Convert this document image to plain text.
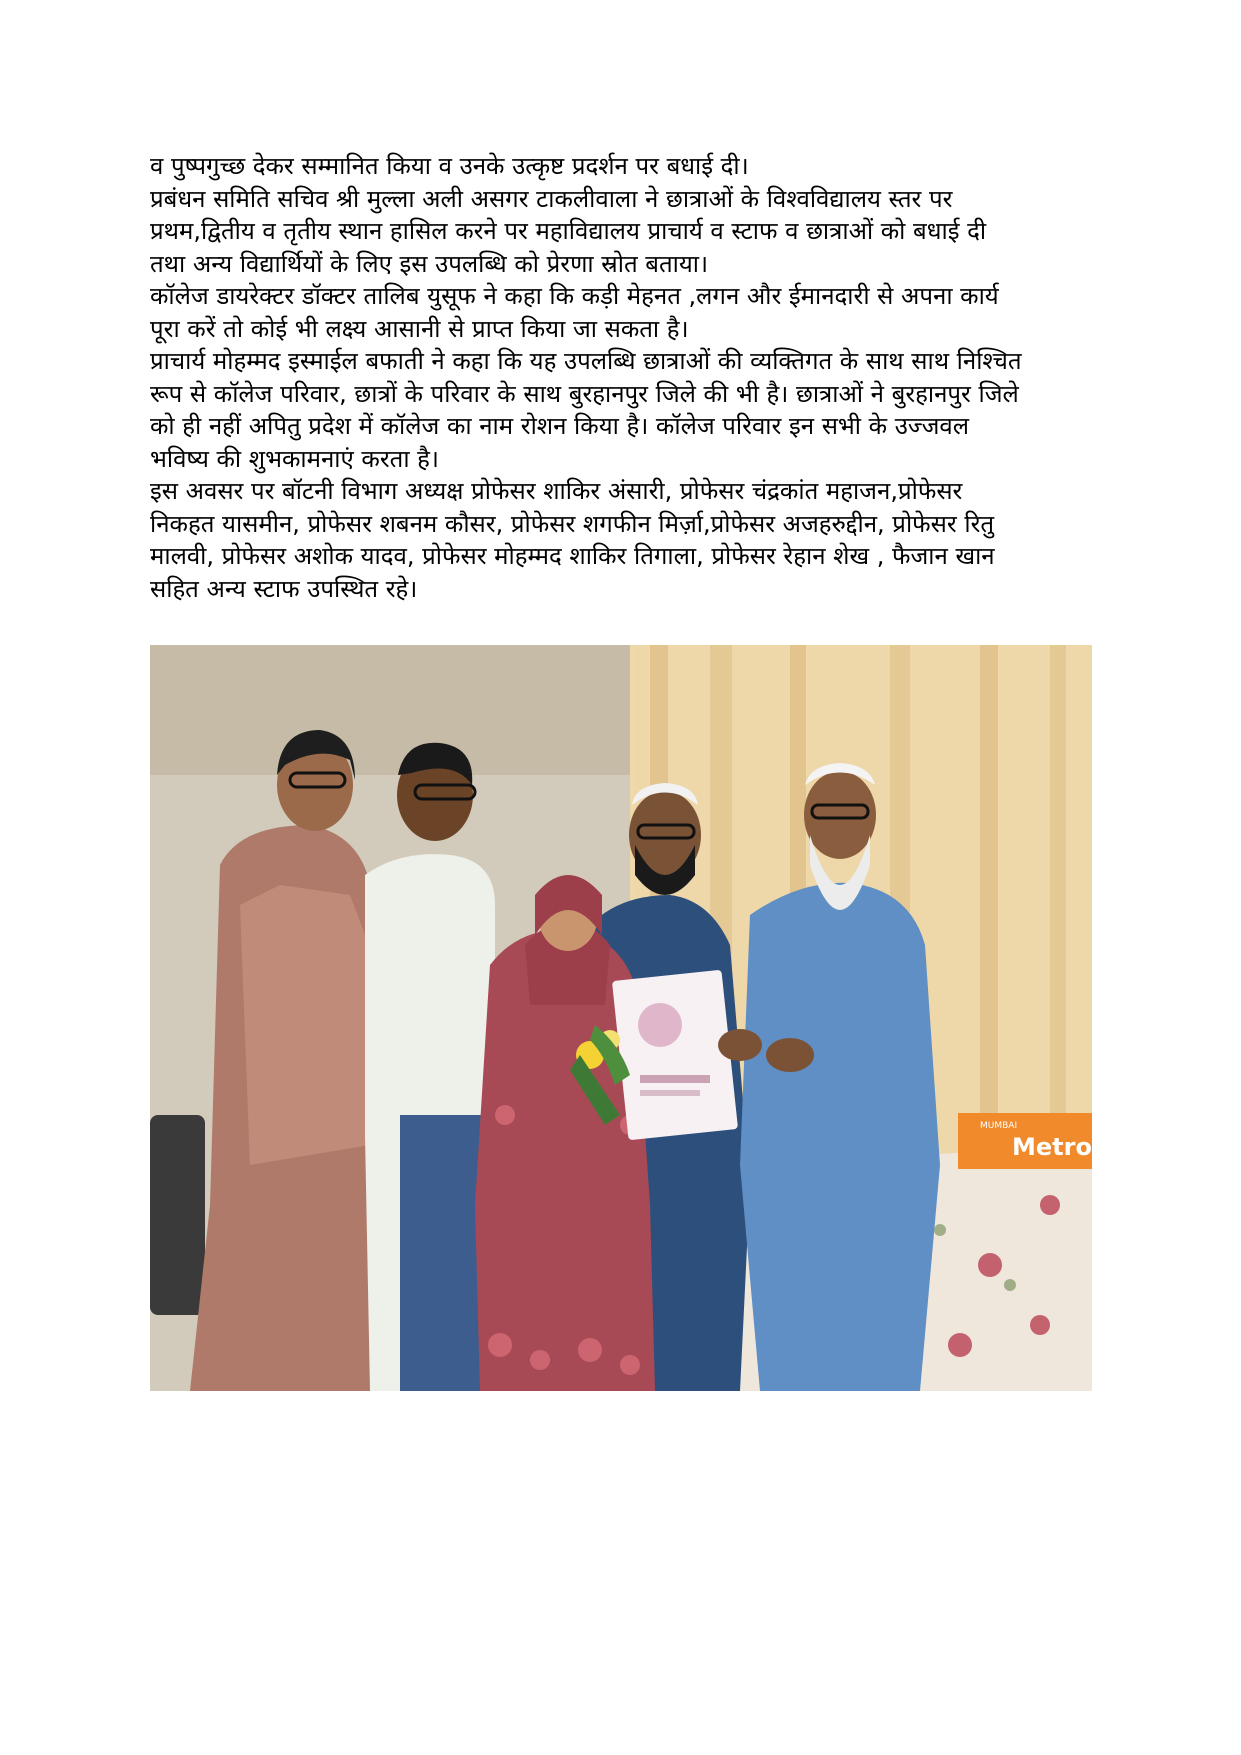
व पुष्पगुच्छ देकर सम्मानित किया व उनके उत्कृष्ट प्रदर्शन पर बधाई दी।
प्रबंधन समिति सचिव श्री मुल्ला अली असगर टाकलीवाला ने छात्राओं के विश्वविद्यालय स्तर पर
प्रथम,द्वितीय व तृतीय स्थान हासिल करने पर महाविद्यालय प्राचार्य व स्टाफ व छात्राओं को बधाई दी
तथा अन्य विद्यार्थियों के लिए इस उपलब्धि को प्रेरणा स्रोत बताया।
कॉलेज डायरेक्टर डॉक्टर तालिब युसूफ ने कहा कि कड़ी मेहनत ,लगन और ईमानदारी से अपना कार्य
पूरा करें तो कोई भी लक्ष्य आसानी से प्राप्त किया जा सकता है।
प्राचार्य मोहम्मद इस्माईल बफाती ने कहा कि यह उपलब्धि छात्राओं की व्यक्तिगत के साथ साथ निश्चित
रूप से कॉलेज परिवार, छात्रों के परिवार के साथ बुरहानपुर जिले की भी है। छात्राओं ने बुरहानपुर जिले
को ही नहीं अपितु प्रदेश में कॉलेज का नाम रोशन किया है। कॉलेज परिवार इन सभी के उज्जवल
भविष्य की शुभकामनाएं करता है।
इस अवसर पर बॉटनी विभाग अध्यक्ष प्रोफेसर शाकिर अंसारी, प्रोफेसर चंद्रकांत महाजन,प्रोफेसर
निकहत यासमीन, प्रोफेसर शबनम कौसर, प्रोफेसर शगफीन मिर्ज़ा,प्रोफेसर अजहरुद्दीन, प्रोफेसर रितु
मालवी, प्रोफेसर अशोक यादव, प्रोफेसर मोहम्मद शाकिर तिगाला, प्रोफेसर रेहान शेख , फैजान खान
सहित अन्य स्टाफ उपस्थित रहे।
MUMBAI
Metro
